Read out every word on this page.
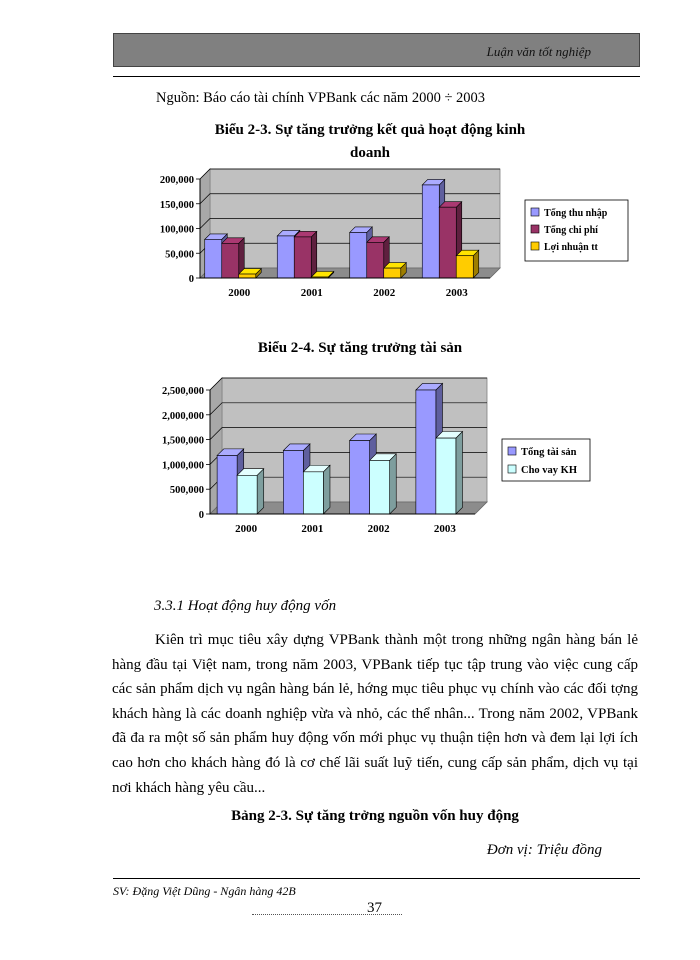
Luận văn tốt nghiệp
Nguồn: Báo cáo tài chính VPBank các năm 2000 ÷ 2003
Biểu 2-3. Sự tăng trưởng kết quả hoạt động kinh
doanh
200,000
150,000
100,000
50,000
0
2000	2001	2002	2003
Tổng thu nhập
Tổng chi phí
Lợi nhuận tt
Biểu 2-4. Sự tăng trưởng tài sản
2,500,000
2,000,000
1,500,000
1,000,000
500,000
0
2000	2001	2002	2003
Tổng tài sản
Cho vay KH
3.3.1 Hoạt động huy động vốn

Kiên trì mục tiêu xây dựng VPBank thành một trong những ngân hàng bán lẻ hàng đầu tại Việt nam, trong năm 2003, VPBank tiếp tục tập trung vào việc cung cấp các sản phẩm dịch vụ ngân hàng bán lẻ, hớng mục tiêu phục vụ chính vào các đối tợng khách hàng là các doanh nghiệp vừa và nhỏ, các thể nhân... Trong năm 2002, VPBank đã đa ra một số sản phẩm huy động vốn mới phục vụ thuận tiện hơn và đem lại lợi ích cao hơn cho khách hàng đó là cơ chế lãi suất luỹ tiến, cung cấp sản phẩm, dịch vụ tại nơi khách hàng yêu cầu...

Bảng 2-3. Sự tăng trởng nguồn vốn huy động
Đơn vị: Triệu đồng
SV: Đặng Việt Dũng - Ngân hàng 42B
37
